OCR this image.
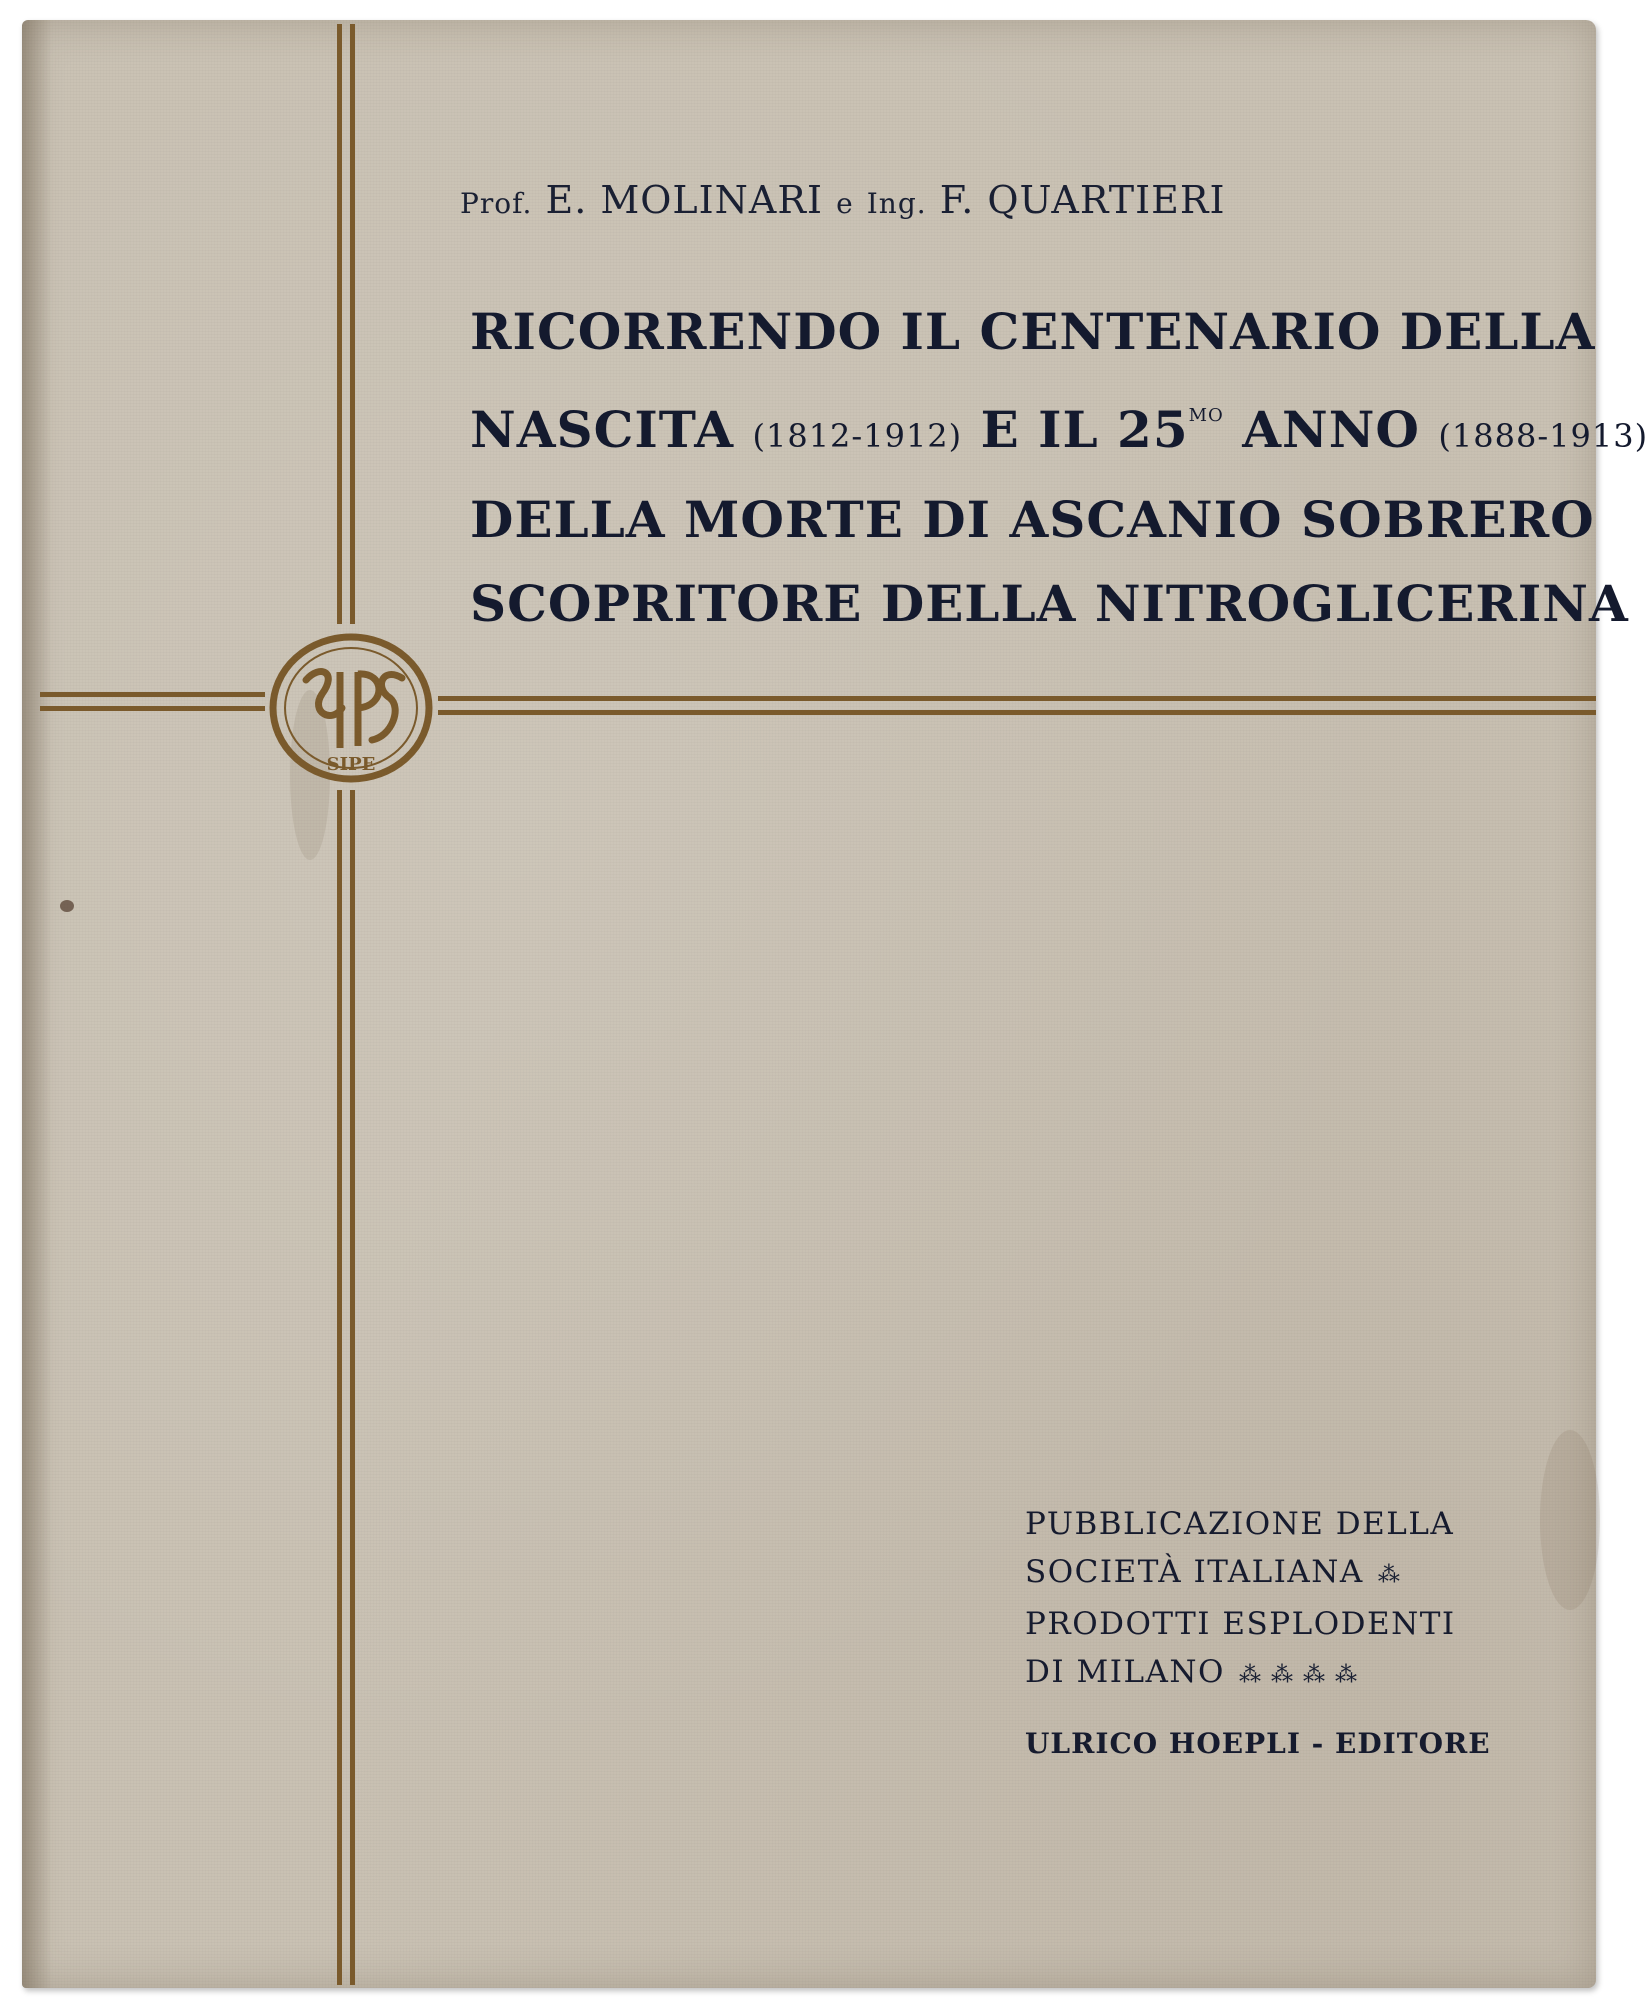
SIPE
Prof. E. MOLINARI e Ing. F. QUARTIERI
RICORRENDO IL CENTENARIO DELLA
NASCITA (1812-1912) E IL $25^{MO}$ ANNO (1888-1913)
DELLA MORTE DI ASCANIO SOBRERO
SCOPRITORE DELLA NITROGLICERINA
PUBBLICAZIONE DELLA
SOCIETÀ ITALIANA ⁂
PRODOTTI ESPLODENTI
DI MILANO ⁂ ⁂ ⁂ ⁂
ULRICO HOEPLI - EDITORE
